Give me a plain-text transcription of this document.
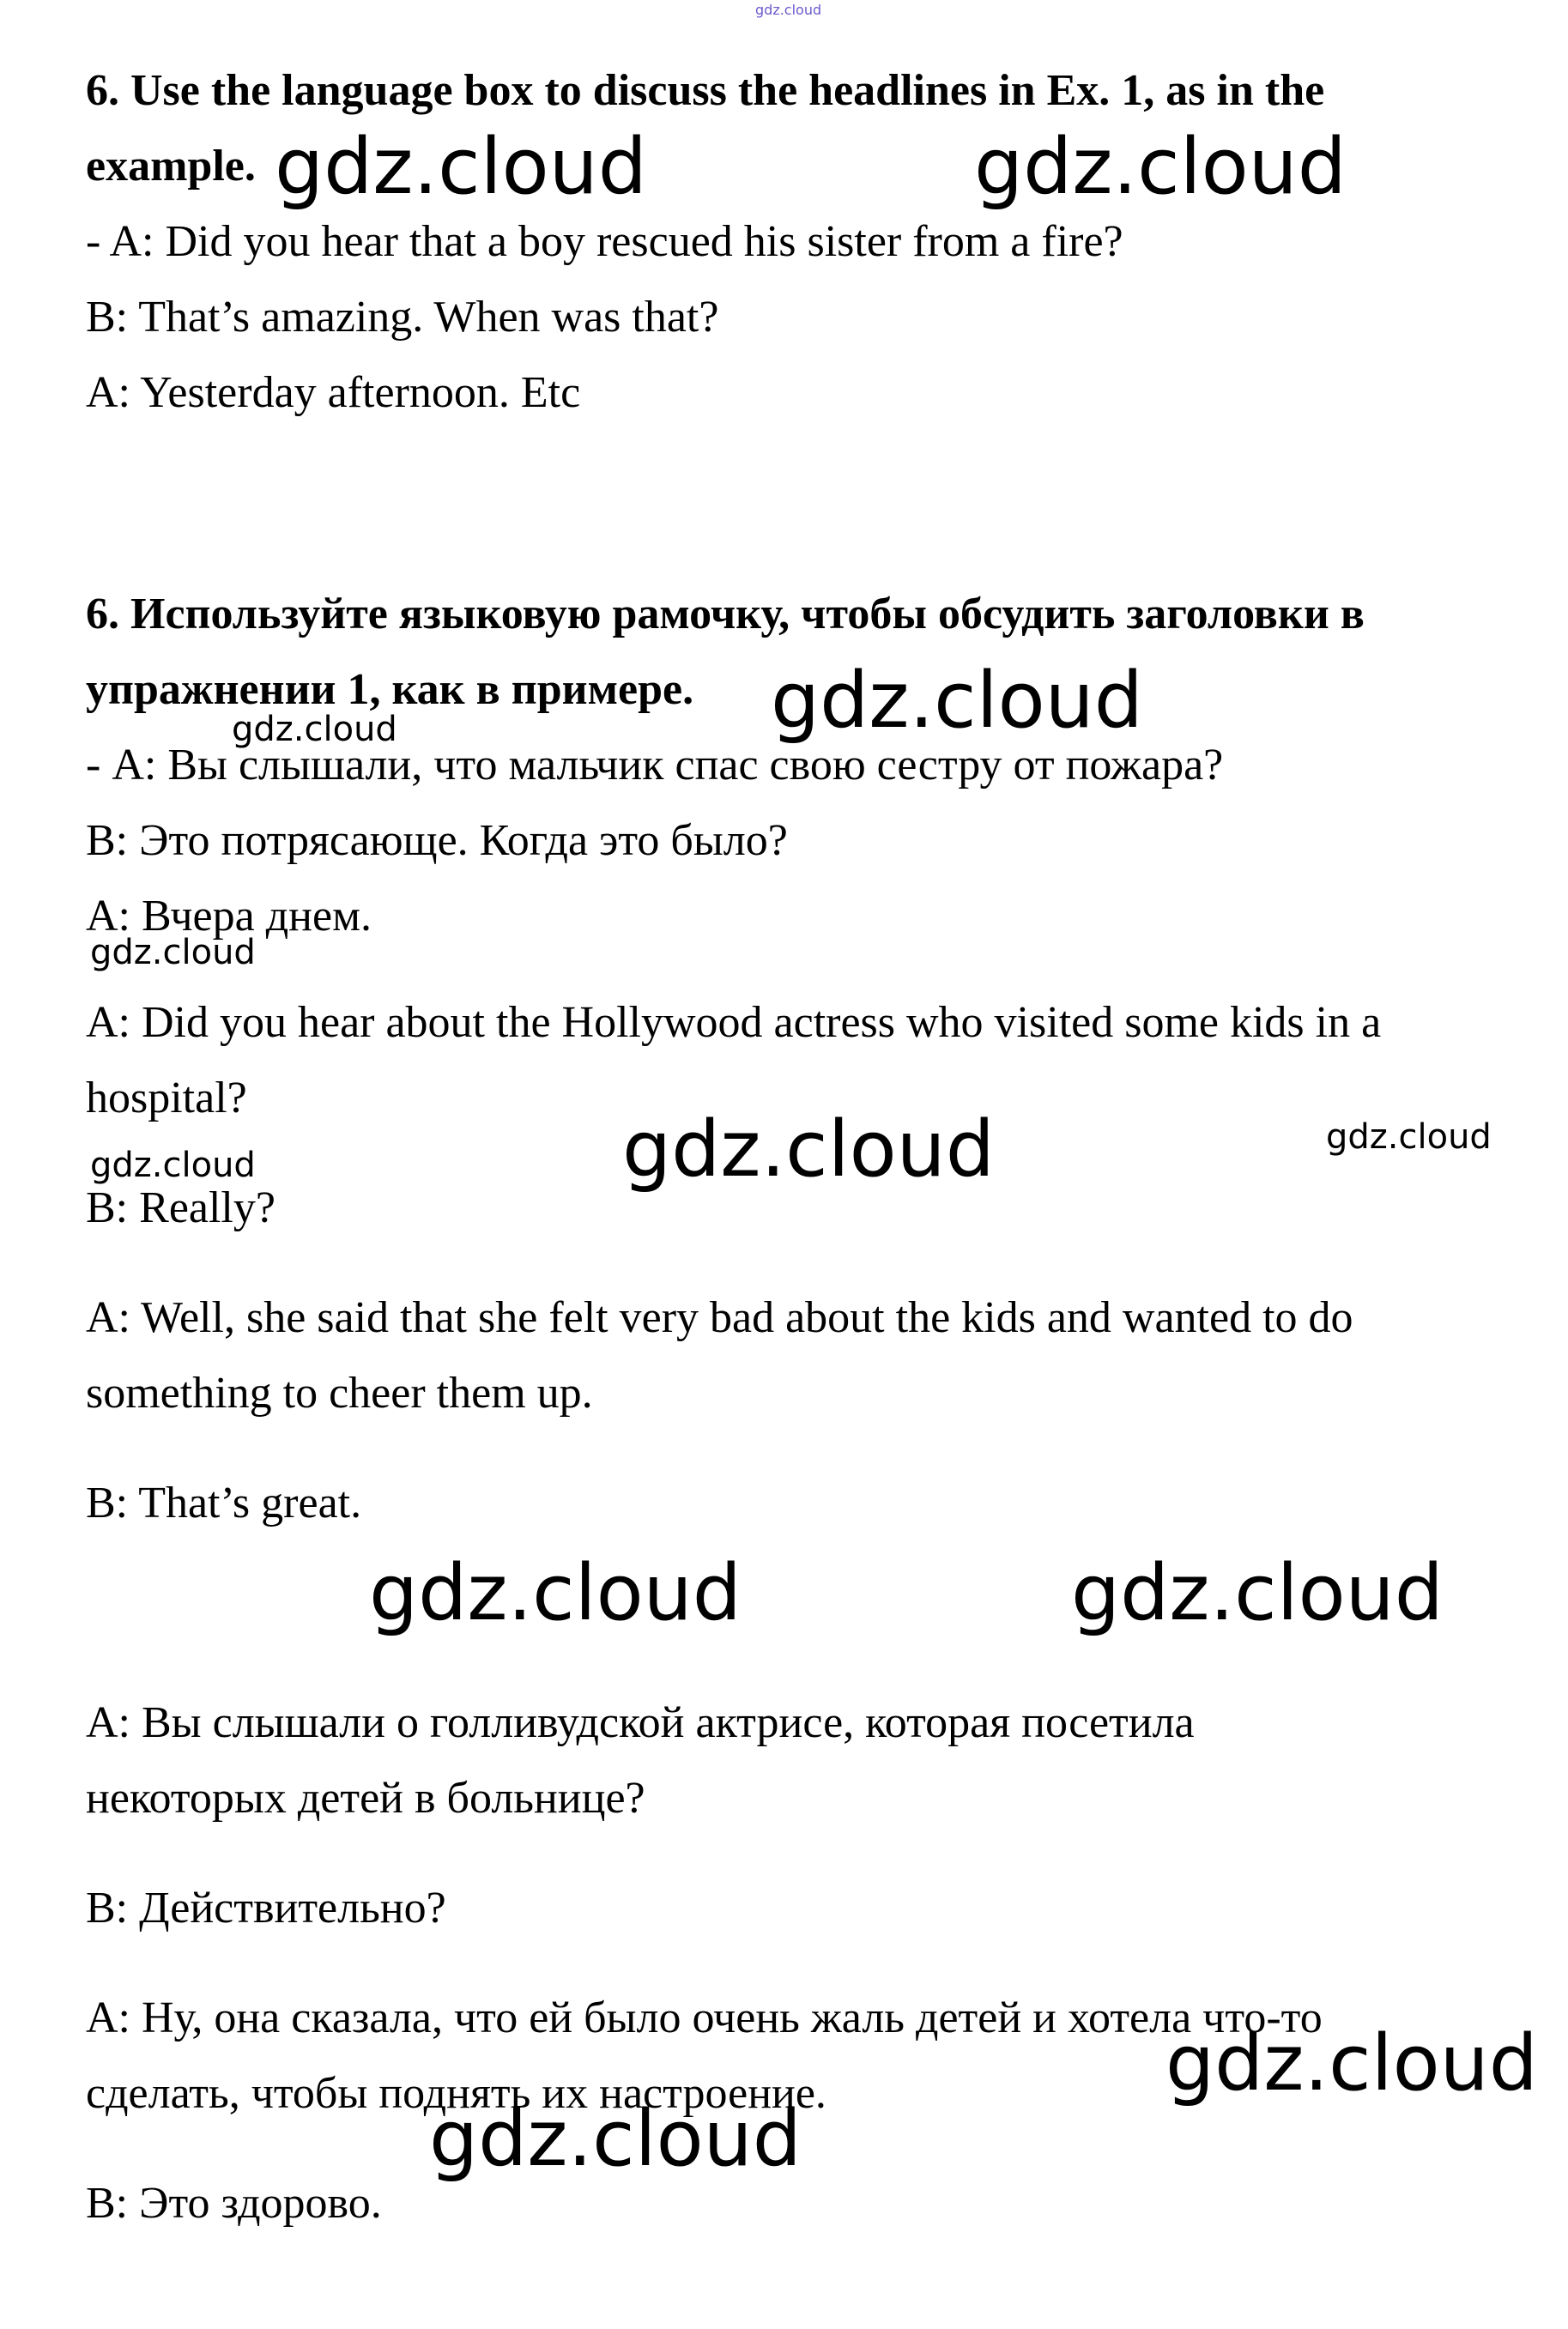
gdz.cloud

6. Use the language box to discuss the headlines in Ex. 1, as in the

example.

- A: Did you hear that a boy rescued his sister from a fire?

B: That’s amazing. When was that?

A: Yesterday afternoon. Etc

6. Используйте языковую рамочку, чтобы обсудить заголовки в

упражнении 1, как в примере.

- А: Вы слышали, что мальчик спас свою сестру от пожара?

В: Это потрясающе. Когда это было?

А: Вчера днем.

A: Did you hear about the Hollywood actress who visited some kids in a

hospital?

B: Really?

A: Well, she said that she felt very bad about the kids and wanted to do

something to cheer them up.

B: That’s great.

А: Вы слышали о голливудской актрисе, которая посетила

некоторых детей в больнице?

В: Действительно?

А: Ну, она сказала, что ей было очень жаль детей и хотела что-то

сделать, чтобы поднять их настроение.

В: Это здорово.

gdz.cloud	gdz.cloud
gdz.cloud
gdz.cloud
gdz.cloud
gdz.cloud	gdz.cloud
gdz.cloud
gdz.cloud	gdz.cloud
gdz.cloud
gdz.cloud
